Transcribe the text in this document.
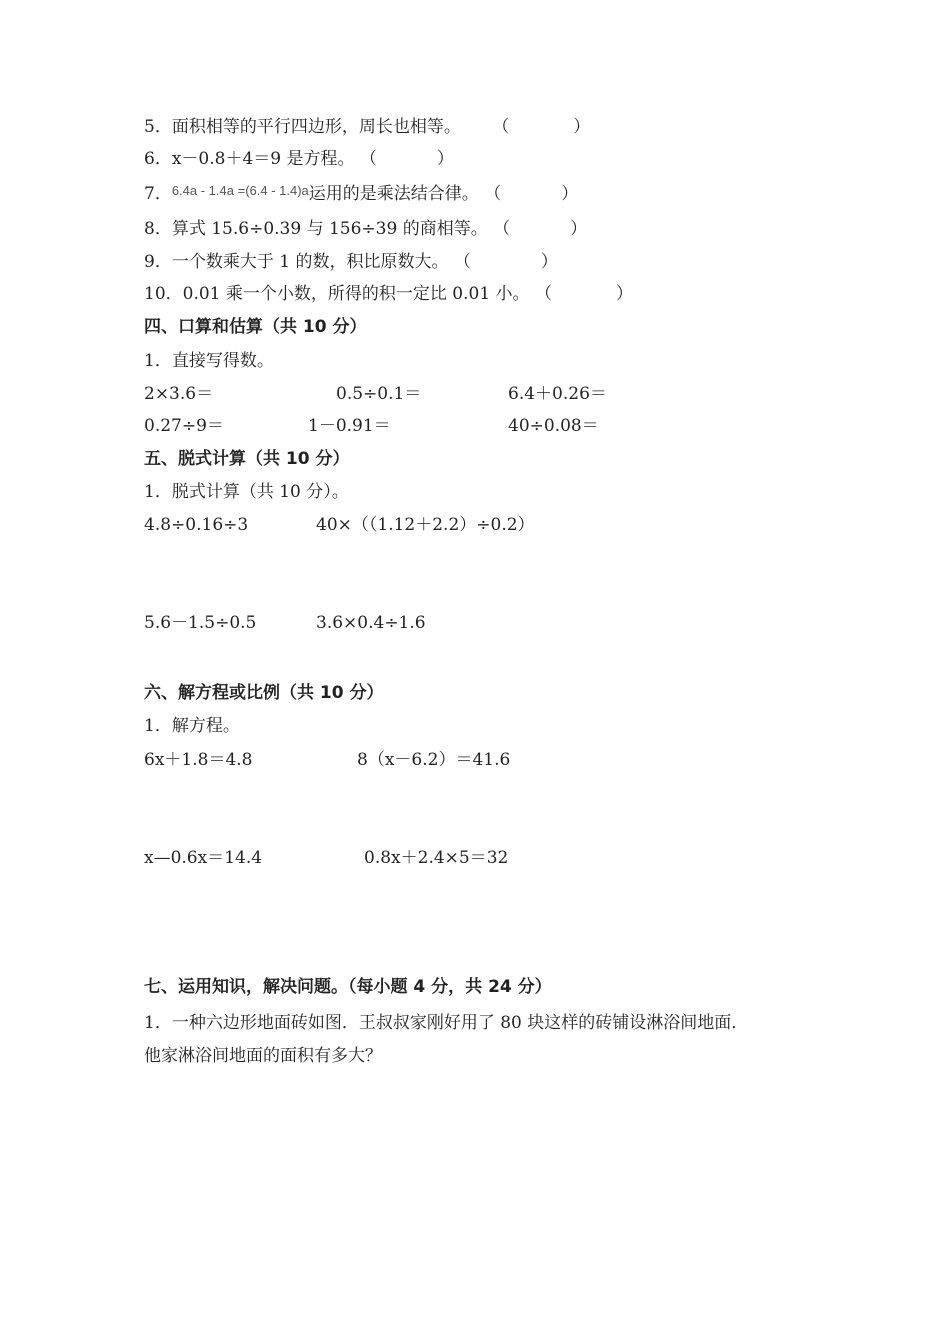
5．面积相等的平行四边形，周长也相等。 （	）
6．x－0.8＋4＝9 是方程。 （	）
7．6.4a - 1.4a =(6.4 - 1.4)a运用的是乘法结合律。 （	）
8．算式 15.6÷0.39 与 156÷39 的商相等。 （	）
9．一个数乘大于 1 的数，积比原数大。 （	）
10．0.01 乘一个小数，所得的积一定比 0.01 小。 （	）
四、口算和估算（共 10 分）
1．直接写得数。
2×3.6＝	0.5÷0.1＝	6.4＋0.26＝
0.27÷9＝	1－0.91＝	40÷0.08＝
五、脱式计算（共 10 分）
1．脱式计算（共 10 分）。
4.8÷0.16÷3	40×（（1.12＋2.2）÷0.2）
5.6－1.5÷0.5	3.6×0.4÷1.6
六、解方程或比例（共 10 分）
1．解方程。
6x＋1.8＝4.8	8（x－6.2）＝41.6
x—0.6x＝14.4	0.8x＋2.4×5＝32
七、运用知识，解决问题。（每小题 4 分，共 24 分）
1．一种六边形地面砖如图．王叔叔家刚好用了 80 块这样的砖铺设淋浴间地面．
他家淋浴间地面的面积有多大？
